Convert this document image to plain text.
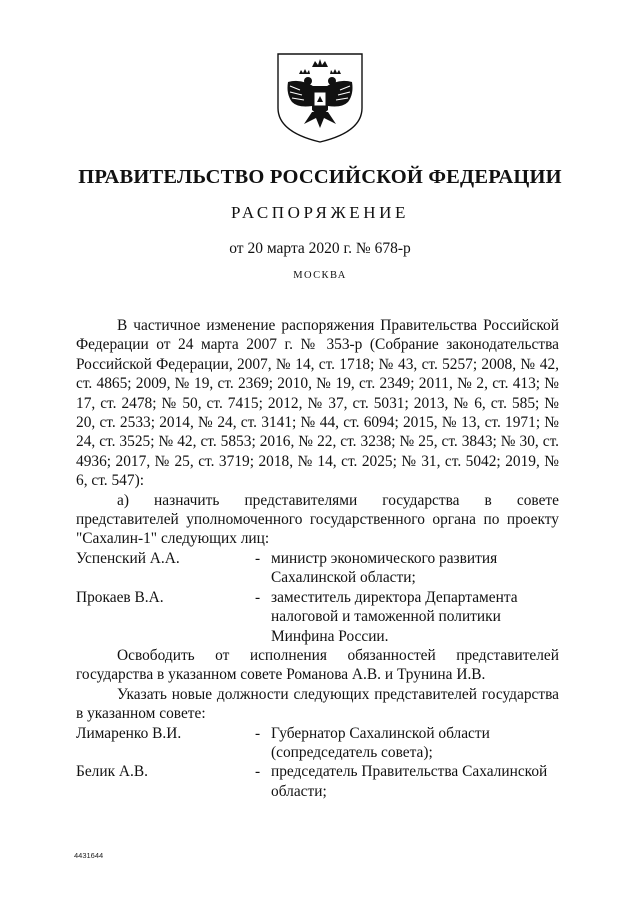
ПРАВИТЕЛЬСТВО РОССИЙСКОЙ ФЕДЕРАЦИИ
РАСПОРЯЖЕНИЕ
от 20 марта 2020 г. № 678-р
МОСКВА

В частичное изменение распоряжения Правительства Российской Федерации от 24 марта 2007 г. № 353-р (Собрание законодательства Российской Федерации, 2007, № 14, ст. 1718; № 43, ст. 5257; 2008, № 42, ст. 4865; 2009, № 19, ст. 2369; 2010, № 19, ст. 2349; 2011, № 2, ст. 413; № 17, ст. 2478; № 50, ст. 7415; 2012, № 37, ст. 5031; 2013, № 6, ст. 585; № 20, ст. 2533; 2014, № 24, ст. 3141; № 44, ст. 6094; 2015, № 13, ст. 1971; № 24, ст. 3525; № 42, ст. 5853; 2016, № 22, ст. 3238; № 25, ст. 3843; № 30, ст. 4936; 2017, № 25, ст. 3719; 2018, № 14, ст. 2025; № 31, ст. 5042; 2019, № 6, ст. 547):

а) назначить представителями государства в совете представителей уполномоченного государственного органа по проекту "Сахалин-1" следующих лиц:

Успенский А.А.	- министр экономического развития Сахалинской области;
Прокаев В.А.	- заместитель директора Департамента налоговой и таможенной политики Минфина России.

Освободить от исполнения обязанностей представителей государства в указанном совете Романова А.В. и Трунина И.В.

Указать новые должности следующих представителей государства в указанном совете:

Лимаренко В.И.	- Губернатор Сахалинской области (сопредседатель совета);
Белик А.В.	- председатель Правительства Сахалинской области;
4431644
